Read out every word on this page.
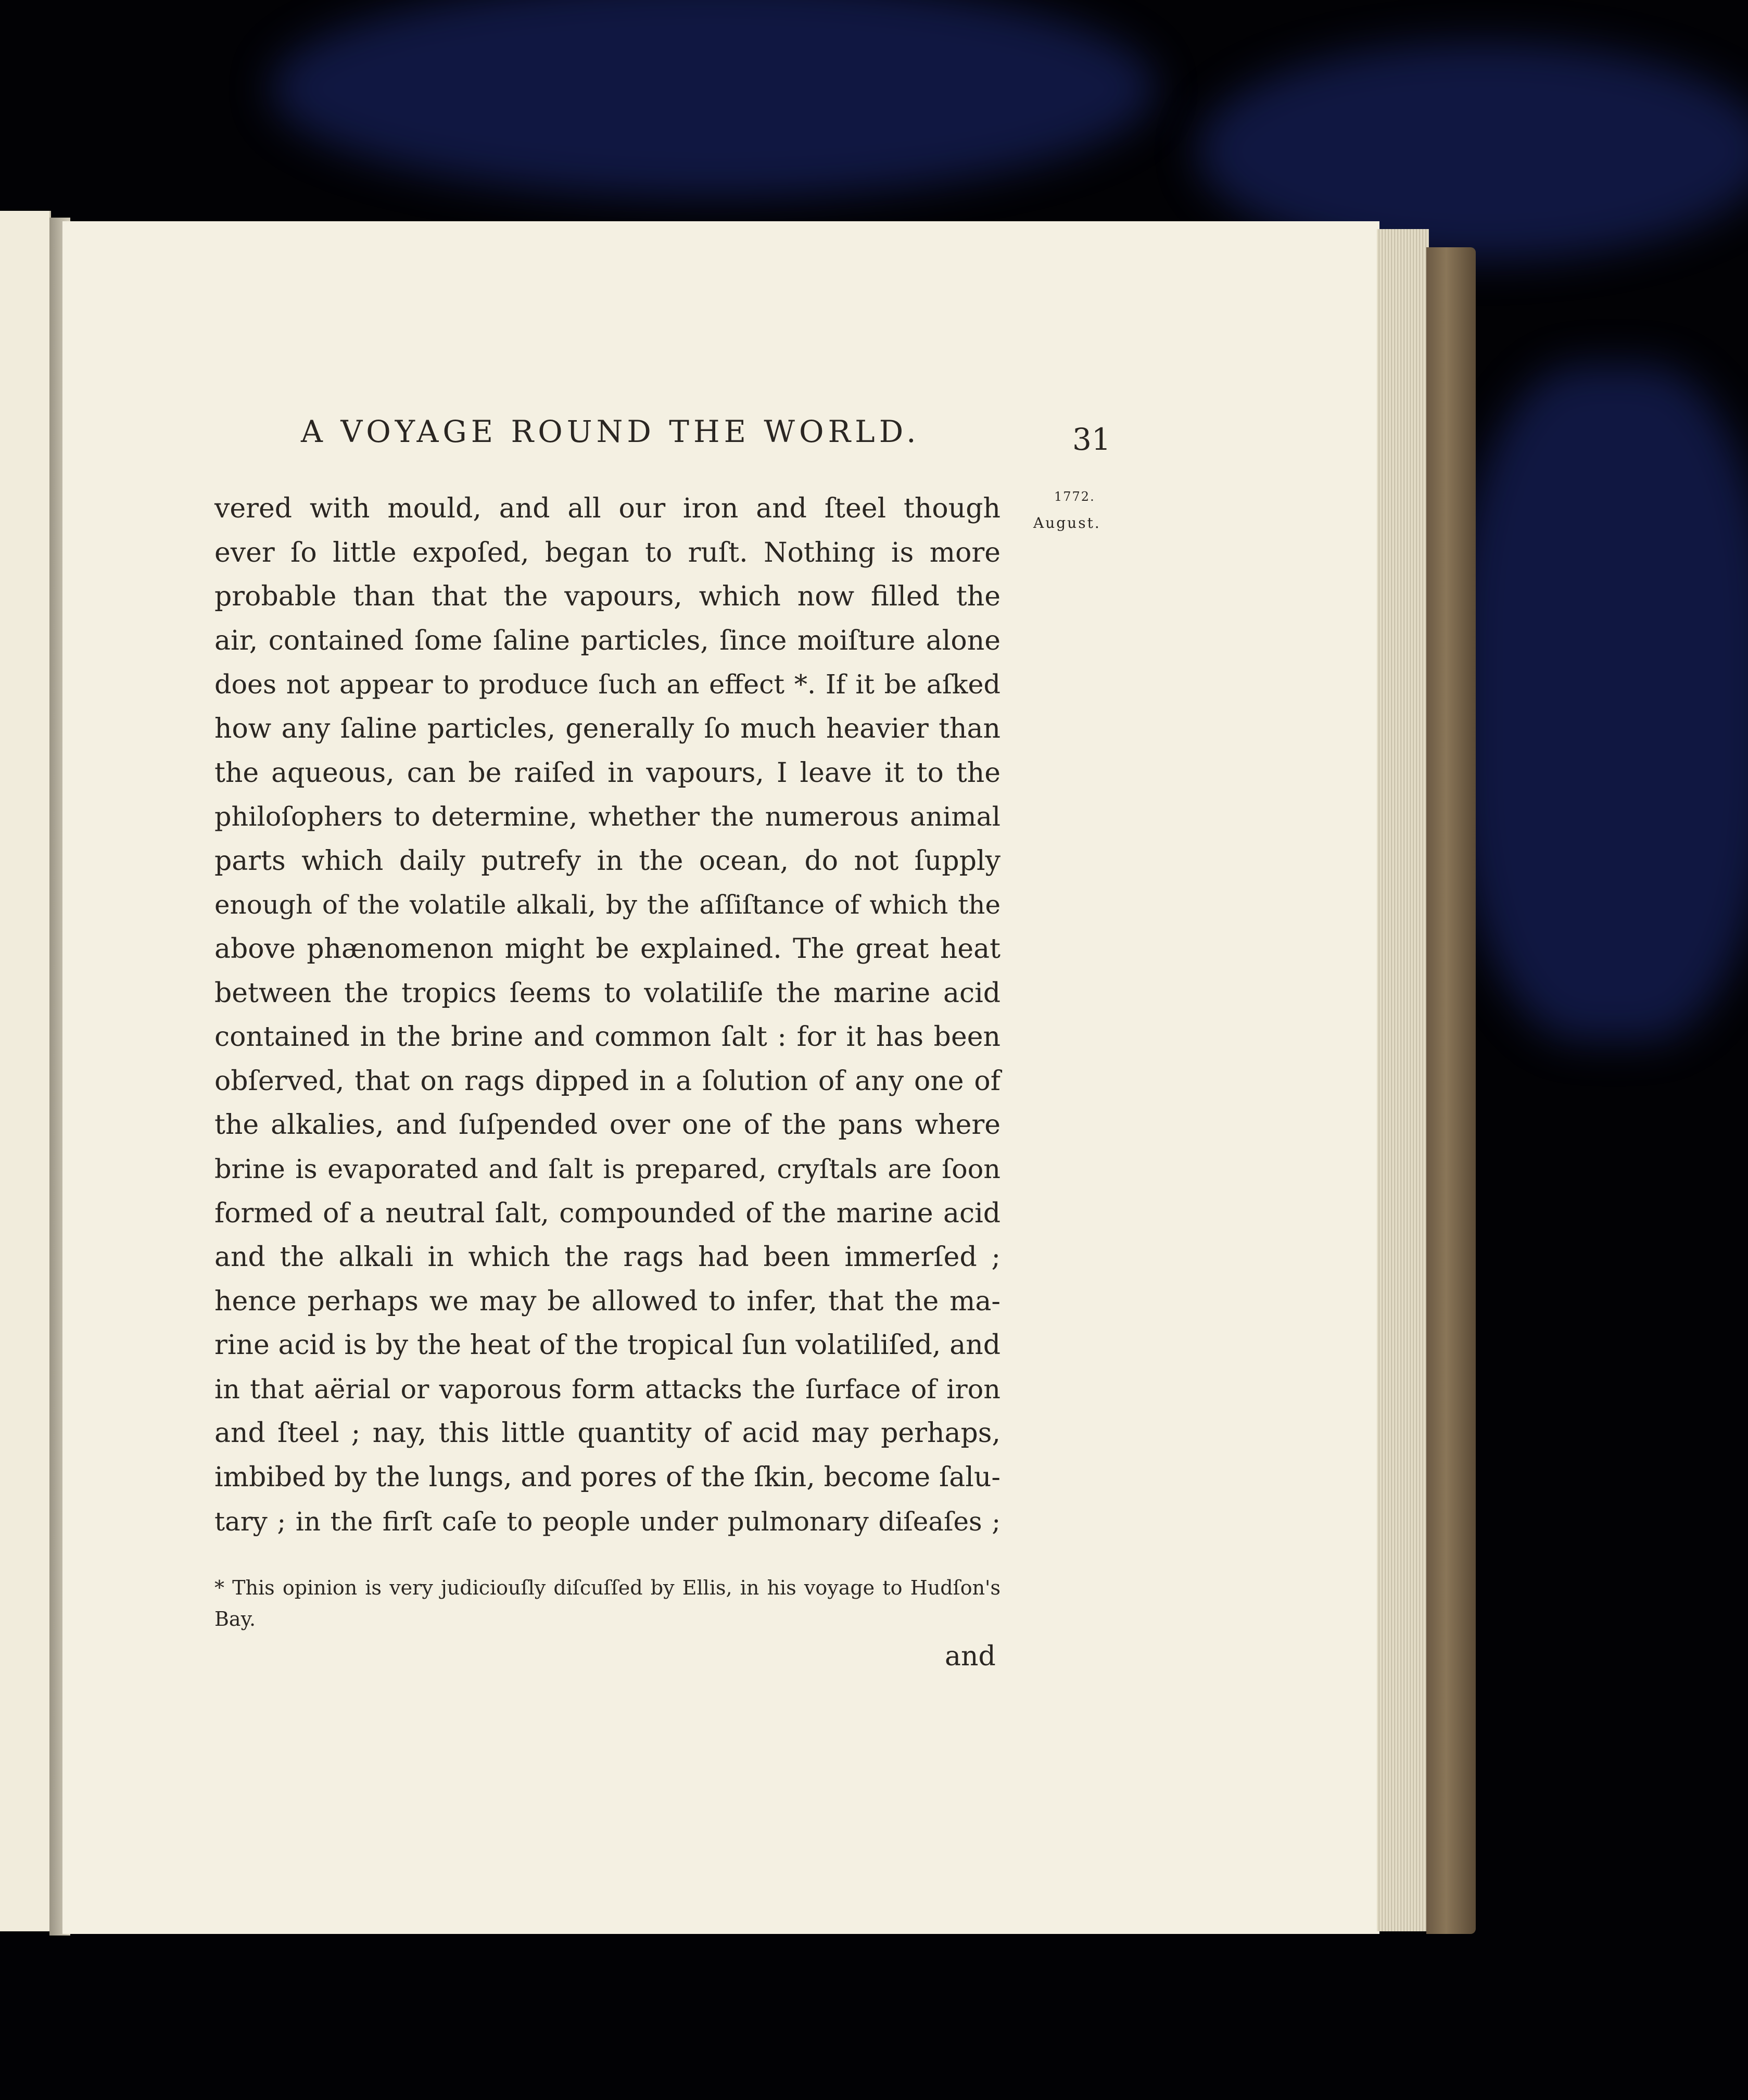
A VOYAGE ROUND THE WORLD.	31
1772.
August.
vered with mould, and all our iron and ſteel though
ever ſo little expoſed, began to ruſt. Nothing is more
probable than that the vapours, which now filled the
air, contained ſome ſaline particles, ſince moiſture alone
does not appear to produce ſuch an effect *. If it be aſked
how any ſaline particles, generally ſo much heavier than
the aqueous, can be raiſed in vapours, I leave it to the
philoſophers to determine, whether the numerous animal
parts which daily putrefy in the ocean, do not ſupply
enough of the volatile alkali, by the aſſiſtance of which the
above phænomenon might be explained. The great heat
between the tropics ſeems to volatiliſe the marine acid
contained in the brine and common ſalt : for it has been
obſerved, that on rags dipped in a ſolution of any one of
the alkalies, and ſuſpended over one of the pans where
brine is evaporated and ſalt is prepared, cryſtals are ſoon
formed of a neutral ſalt, compounded of the marine acid
and the alkali in which the rags had been immerſed ;
hence perhaps we may be allowed to infer, that the ma-
rine acid is by the heat of the tropical ſun volatiliſed, and
in that aërial or vaporous form attacks the ſurface of iron
and ſteel ; nay, this little quantity of acid may perhaps,
imbibed by the lungs, and pores of the ſkin, become ſalu-
tary ; in the firſt caſe to people under pulmonary diſeaſes ;
* This opinion is very judiciouſly diſcuſſed by Ellis, in his voyage to Hudſon's
Bay.
and
